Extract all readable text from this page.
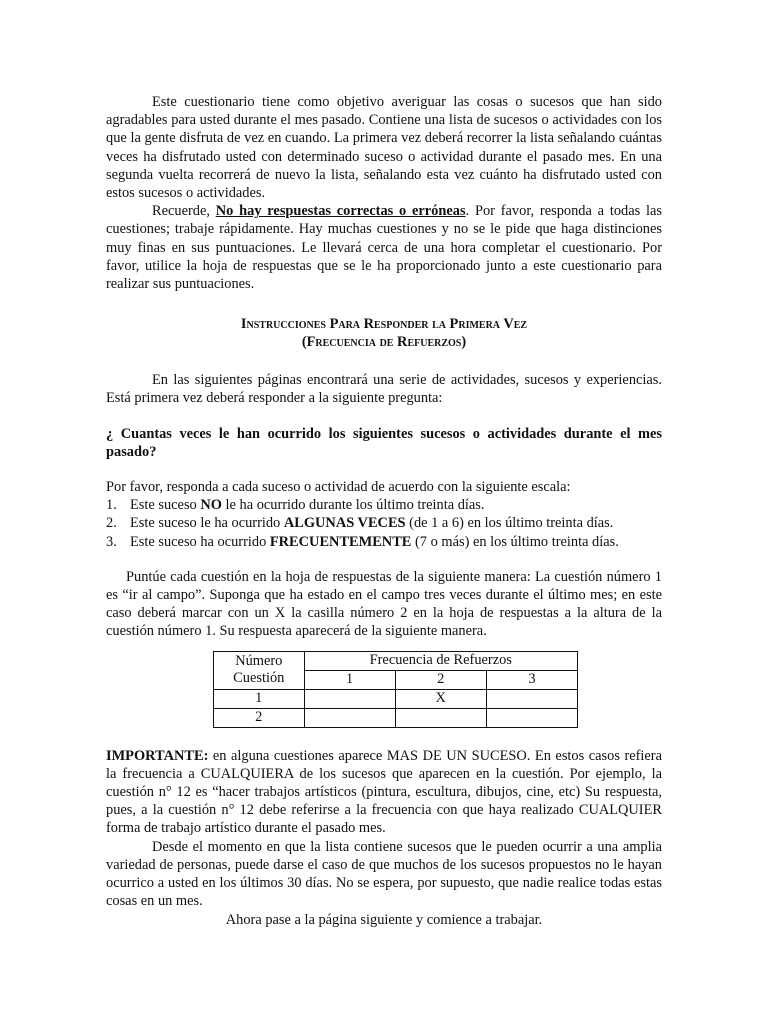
Este cuestionario tiene como objetivo averiguar las cosas o sucesos que han sido agradables para usted durante el mes pasado. Contiene una lista de sucesos o actividades con los que la gente disfruta de vez en cuando. La primera vez deberá recorrer la lista señalando cuántas veces ha disfrutado usted con determinado suceso o actividad durante el pasado mes. En una segunda vuelta recorrerá de nuevo la lista, señalando esta vez cuánto ha disfrutado usted con estos sucesos o actividades.

Recuerde, No hay respuestas correctas o erróneas. Por favor, responda a todas las cuestiones; trabaje rápidamente. Hay muchas cuestiones y no se le pide que haga distinciones muy finas en sus puntuaciones. Le llevará cerca de una hora completar el cuestionario. Por favor, utilice la hoja de respuestas que se le ha proporcionado junto a este cuestionario para realizar sus puntuaciones.

Instrucciones Para Responder la Primera Vez
(Frecuencia de Refuerzos)

En las siguientes páginas encontrará una serie de actividades, sucesos y experiencias. Está primera vez deberá responder a la siguiente pregunta:

¿ Cuantas veces le han ocurrido los siguientes sucesos o actividades durante el mes pasado?

Por favor, responda a cada suceso o actividad de acuerdo con la siguiente escala:

1. Este suceso NO le ha ocurrido durante los último treinta días.
2. Este suceso le ha ocurrido ALGUNAS VECES (de 1 a 6) en los último treinta días.
3. Este suceso ha ocurrido FRECUENTEMENTE (7 o más) en los último treinta días.

Puntúe cada cuestión en la hoja de respuestas de la siguiente manera: La cuestión número 1 es “ir al campo”. Suponga que ha estado en el campo tres veces durante el último mes; en este caso deberá marcar con un X la casilla número 2 en la hoja de respuestas a la altura de la cuestión número 1. Su respuesta aparecerá de la siguiente manera.

Número
Cuestión	Frecuencia de Refuerzos		
	1	2	3
1		X	
2			

IMPORTANTE: en alguna cuestiones aparece MAS DE UN SUCESO. En estos casos refiera la frecuencia a CUALQUIERA de los sucesos que aparecen en la cuestión. Por ejemplo, la cuestión n° 12 es “hacer trabajos artísticos (pintura, escultura, dibujos, cine, etc) Su respuesta, pues, a la cuestión n° 12 debe referirse a la frecuencia con que haya realizado CUALQUIER forma de trabajo artístico durante el pasado mes.

Desde el momento en que la lista contiene sucesos que le pueden ocurrir a una amplia variedad de personas, puede darse el caso de que muchos de los sucesos propuestos no le hayan ocurrico a usted en los últimos 30 días. No se espera, por supuesto, que nadie realice todas estas cosas en un mes.

Ahora pase a la página siguiente y comience a trabajar.
